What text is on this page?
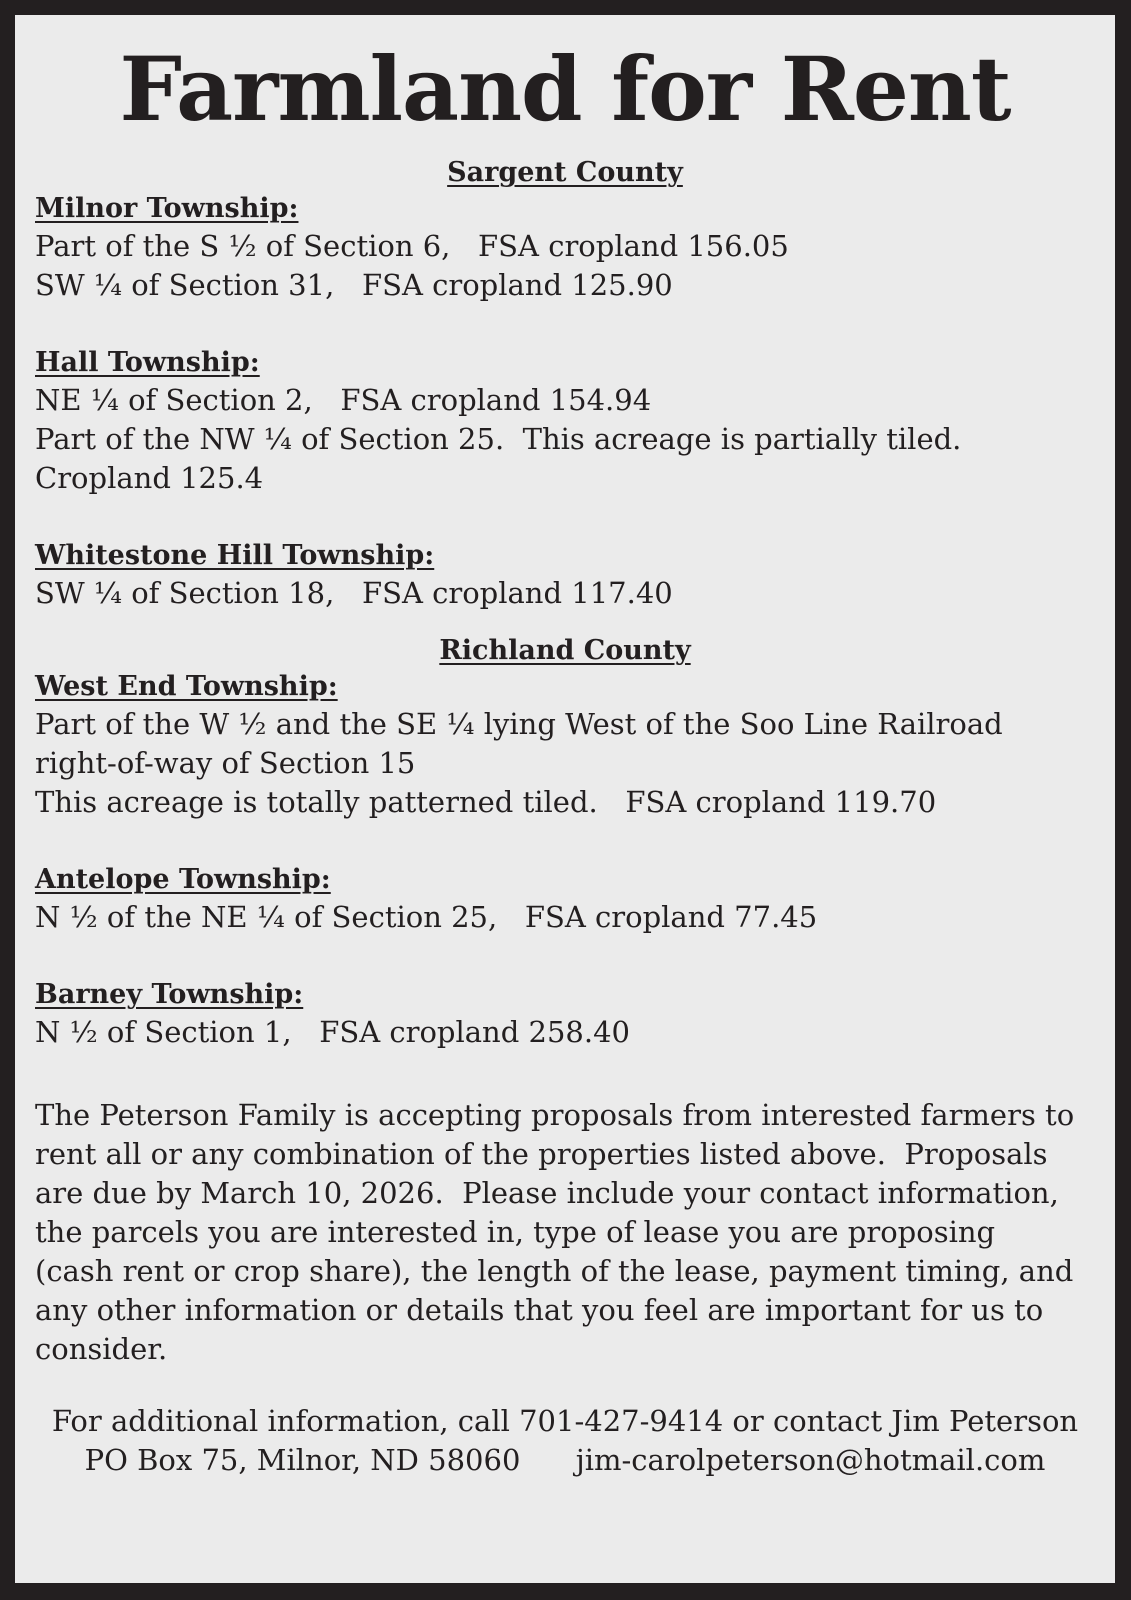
Farmland for Rent
Sargent County
Milnor Township:
Part of the S ½ of Section 6,   FSA cropland 156.05
SW ¼ of Section 31,   FSA cropland 125.90
Hall Township:
NE ¼ of Section 2,   FSA cropland 154.94
Part of the NW ¼ of Section 25.  This acreage is partially tiled.
Cropland 125.4
Whitestone Hill Township:
SW ¼ of Section 18,   FSA cropland 117.40
Richland County
West End Township:
Part of the W ½ and the SE ¼ lying West of the Soo Line Railroad
right-of-way of Section 15
This acreage is totally patterned tiled.   FSA cropland 119.70
Antelope Township:
N ½ of the NE ¼ of Section 25,   FSA cropland 77.45
Barney Township:
N ½ of Section 1,   FSA cropland 258.40
The Peterson Family is accepting proposals from interested farmers to
rent all or any combination of the properties listed above.  Proposals
are due by March 10, 2026.  Please include your contact information,
the parcels you are interested in, type of lease you are proposing
(cash rent or crop share), the length of the lease, payment timing, and
any other information or details that you feel are important for us to
consider.
For additional information, call 701-427-9414 or contact Jim Peterson
PO Box 75, Milnor, ND 58060      jim-carolpeterson@hotmail.com
